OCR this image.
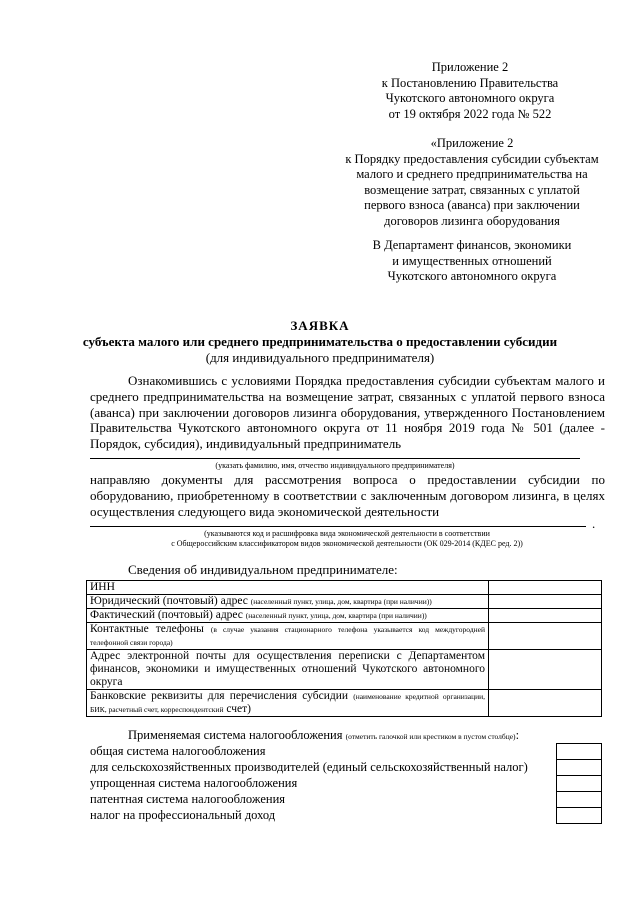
Приложение 2
к Постановлению Правительства
Чукотского автономного округа
от 19 октября 2022 года № 522
«Приложение 2
к Порядку предоставления субсидии субъектам
малого и среднего предпринимательства на
возмещение затрат, связанных с уплатой
первого взноса (аванса) при заключении
договоров лизинга оборудования
В Департамент финансов, экономики
и имущественных отношений
Чукотского автономного округа
ЗАЯВКА
субъекта малого или среднего предпринимательства о предоставлении субсидии
(для индивидуального предпринимателя)
Ознакомившись с условиями Порядка предоставления субсидии субъектам малого и среднего предпринимательства на возмещение затрат, связанных с уплатой первого взноса (аванса) при заключении договоров лизинга оборудования, утвержденного Постановлением Правительства Чукотского автономного округа от 11 ноября 2019 года № 501 (далее - Порядок, субсидия), индивидуальный предприниматель
(указать фамилию, имя, отчество индивидуального предпринимателя)
направляю документы для рассмотрения вопроса о предоставлении субсидии по оборудованию, приобретенному в соответствии с заключенным договором лизинга, в целях осуществления следующего вида экономической деятельности
.
(указываются код и расшифровка вида экономической деятельности в соответствии
с Общероссийским классификатором видов экономической деятельности (ОК 029-2014 (КДЕС ред. 2))
Сведения об индивидуальном предпринимателе:
ИНН	
Юридический (почтовый) адрес (населенный пункт, улица, дом, квартира (при наличии))	
Фактический (почтовый) адрес (населенный пункт, улица, дом, квартира (при наличии))	
Контактные телефоны (в случае указания стационарного телефона указывается код междугородней телефонной связи города)	
Адрес электронной почты для осуществления переписки с Департаментом финансов, экономики и имущественных отношений Чукотского автономного округа	
Банковские реквизиты для перечисления субсидии (наименование кредитной организации, БИК, расчетный счет, корреспондентский счет)	
Применяемая система налогообложения (отметить галочкой или крестиком в пустом столбце):
общая система налогообложения
для сельскохозяйственных производителей (единый сельскохозяйственный налог)
упрощенная система налогообложения
патентная система налогообложения
налог на профессиональный доход
